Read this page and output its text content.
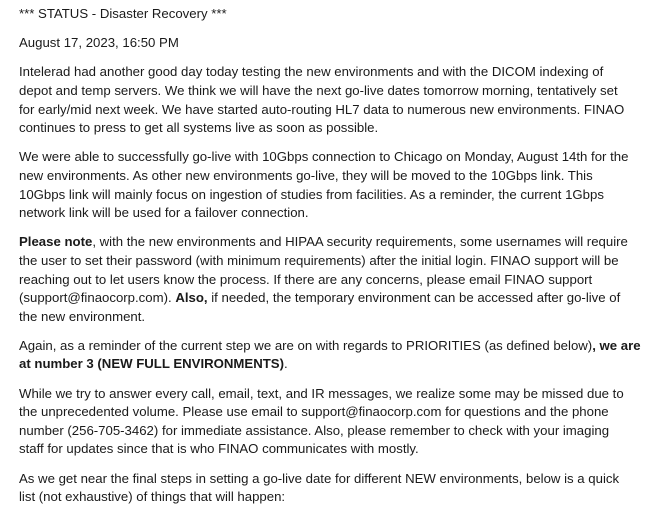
*** STATUS - Disaster Recovery ***
August 17, 2023, 16:50 PM
Intelerad had another good day today testing the new environments and with the DICOM indexing of
depot and temp servers. We think we will have the next go-live dates tomorrow morning, tentatively set
for early/mid next week. We have started auto-routing HL7 data to numerous new environments. FINAO
continues to press to get all systems live as soon as possible.
We were able to successfully go-live with 10Gbps connection to Chicago on Monday, August 14th for the
new environments. As other new environments go-live, they will be moved to the 10Gbps link. This
10Gbps link will mainly focus on ingestion of studies from facilities. As a reminder, the current 1Gbps
network link will be used for a failover connection.
Please note, with the new environments and HIPAA security requirements, some usernames will require
the user to set their password (with minimum requirements) after the initial login. FINAO support will be
reaching out to let users know the process. If there are any concerns, please email FINAO support
(support@finaocorp.com). Also, if needed, the temporary environment can be accessed after go-live of
the new environment.
Again, as a reminder of the current step we are on with regards to PRIORITIES (as defined below), we are
at number 3 (NEW FULL ENVIRONMENTS).
While we try to answer every call, email, text, and IR messages, we realize some may be missed due to
the unprecedented volume. Please use email to support@finaocorp.com for questions and the phone
number (256-705-3462) for immediate assistance. Also, please remember to check with your imaging
staff for updates since that is who FINAO communicates with mostly.
As we get near the final steps in setting a go-live date for different NEW environments, below is a quick
list (not exhaustive) of things that will happen:
